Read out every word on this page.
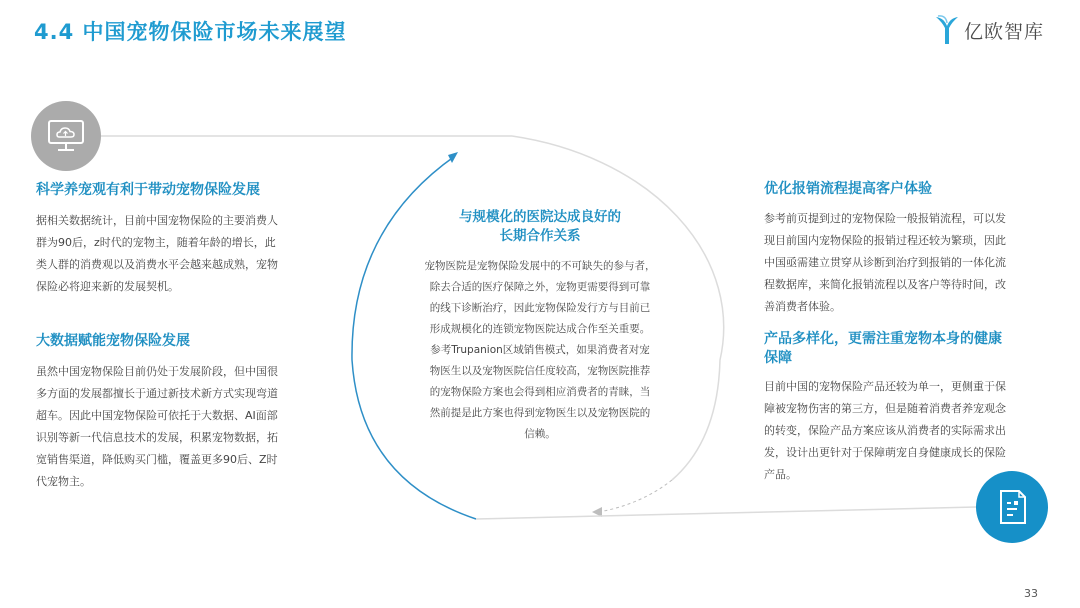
4.4 中国宠物保险市场未来展望	亿欧智库
科学养宠观有利于带动宠物保险发展
据相关数据统计，目前中国宠物保险的主要消费人
群为90后，z时代的宠物主，随着年龄的增长，此
类人群的消费观以及消费水平会越来越成熟，宠物
保险必将迎来新的发展契机。
大数据赋能宠物保险发展
虽然中国宠物保险目前仍处于发展阶段，但中国很
多方面的发展都擅长于通过新技术新方式实现弯道
超车。因此中国宠物保险可依托于大数据、AI面部
识别等新一代信息技术的发展，积累宠物数据，拓
宽销售渠道，降低购买门槛，覆盖更多90后、Z时
代宠物主。
与规模化的医院达成良好的
长期合作关系
宠物医院是宠物保险发展中的不可缺失的参与者，
除去合适的医疗保障之外，宠物更需要得到可靠
的线下诊断治疗，因此宠物保险发行方与目前已
形成规模化的连锁宠物医院达成合作至关重要。
参考Trupanion区域销售模式，如果消费者对宠
物医生以及宠物医院信任度较高，宠物医院推荐
的宠物保险方案也会得到相应消费者的青睐，当
然前提是此方案也得到宠物医生以及宠物医院的
信赖。
优化报销流程提高客户体验
参考前页提到过的宠物保险一般报销流程，可以发
现目前国内宠物保险的报销过程还较为繁琐，因此
中国亟需建立贯穿从诊断到治疗到报销的一体化流
程数据库，来简化报销流程以及客户等待时间，改
善消费者体验。
产品多样化，更需注重宠物本身的健康
保障
目前中国的宠物保险产品还较为单一，更侧重于保
障被宠物伤害的第三方，但是随着消费者养宠观念
的转变，保险产品方案应该从消费者的实际需求出
发，设计出更针对于保障萌宠自身健康成长的保险
产品。
33
